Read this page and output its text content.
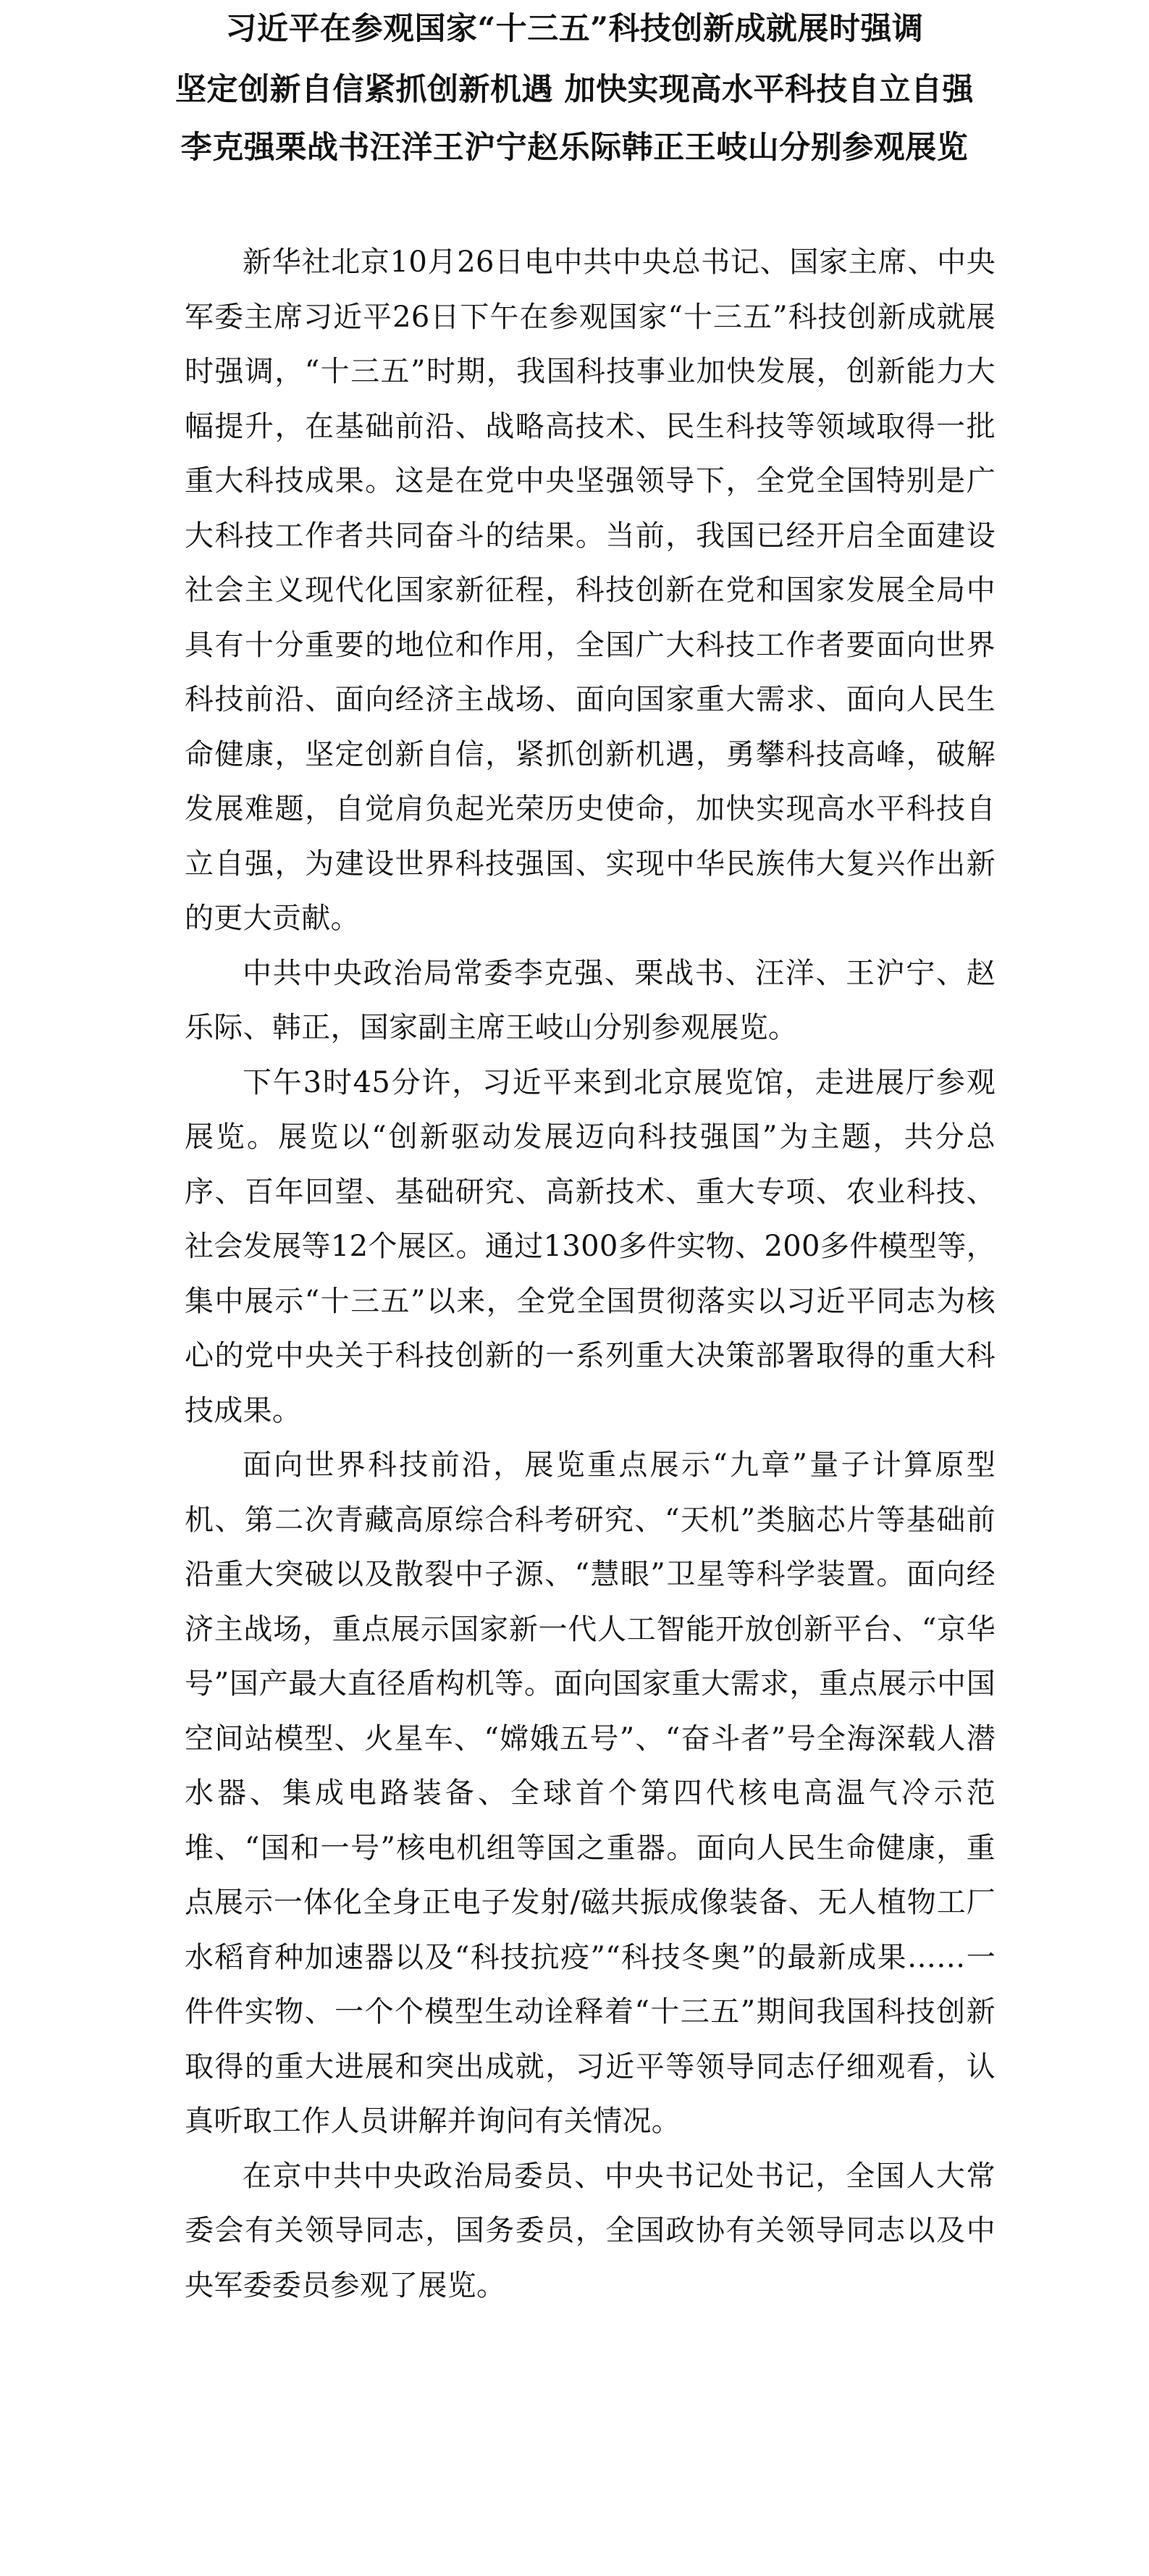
习近平在参观国家“十三五”科技创新成就展时强调
坚定创新自信紧抓创新机遇 加快实现高水平科技自立自强
李克强栗战书汪洋王沪宁赵乐际韩正王岐山分别参观展览

新华社北京10月26日电中共中央总书记、国家主席、中央军委主席习近平26日下午在参观国家“十三五”科技创新成就展时强调，“十三五”时期，我国科技事业加快发展，创新能力大幅提升，在基础前沿、战略高技术、民生科技等领域取得一批重大科技成果。这是在党中央坚强领导下，全党全国特别是广大科技工作者共同奋斗的结果。当前，我国已经开启全面建设社会主义现代化国家新征程，科技创新在党和国家发展全局中具有十分重要的地位和作用，全国广大科技工作者要面向世界科技前沿、面向经济主战场、面向国家重大需求、面向人民生命健康，坚定创新自信，紧抓创新机遇，勇攀科技高峰，破解发展难题，自觉肩负起光荣历史使命，加快实现高水平科技自立自强，为建设世界科技强国、实现中华民族伟大复兴作出新的更大贡献。

中共中央政治局常委李克强、栗战书、汪洋、王沪宁、赵乐际、韩正，国家副主席王岐山分别参观展览。

下午3时45分许，习近平来到北京展览馆，走进展厅参观展览。展览以“创新驱动发展迈向科技强国”为主题，共分总序、百年回望、基础研究、高新技术、重大专项、农业科技、社会发展等12个展区。通过1300多件实物、200多件模型等，集中展示“十三五”以来，全党全国贯彻落实以习近平同志为核心的党中央关于科技创新的一系列重大决策部署取得的重大科技成果。

面向世界科技前沿，展览重点展示“九章”量子计算原型机、第二次青藏高原综合科考研究、“天机”类脑芯片等基础前沿重大突破以及散裂中子源、“慧眼”卫星等科学装置。面向经济主战场，重点展示国家新一代人工智能开放创新平台、“京华号”国产最大直径盾构机等。面向国家重大需求，重点展示中国空间站模型、火星车、“嫦娥五号”、“奋斗者”号全海深载人潜水器、集成电路装备、全球首个第四代核电高温气冷示范堆、“国和一号”核电机组等国之重器。面向人民生命健康，重点展示一体化全身正电子发射/磁共振成像装备、无人植物工厂水稻育种加速器以及“科技抗疫”“科技冬奥”的最新成果……一件件实物、一个个模型生动诠释着“十三五”期间我国科技创新取得的重大进展和突出成就，习近平等领导同志仔细观看，认真听取工作人员讲解并询问有关情况。

在京中共中央政治局委员、中央书记处书记，全国人大常委会有关领导同志，国务委员，全国政协有关领导同志以及中央军委委员参观了展览。
